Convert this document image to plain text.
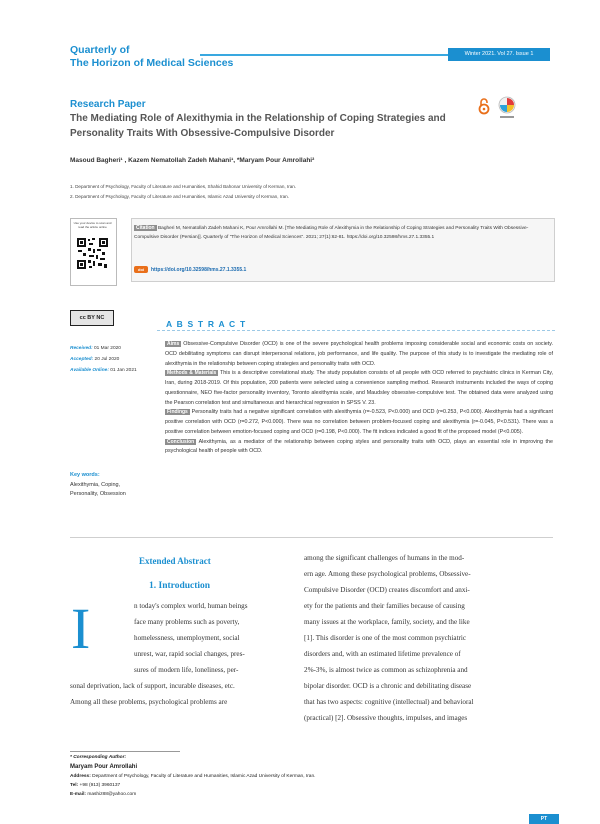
Quarterly of
The Horizon of Medical Sciences
Winter 2021. Vol 27. Issue 1
Research Paper
The Mediating Role of Alexithymia in the Relationship of Coping Strategies and
Personality Traits With Obsessive-Compulsive Disorder
Masoud Bagheri¹ , Kazem Nematollah Zadeh Mahani¹, *Maryam Pour Amrollahi²
1. Department of Psychology, Faculty of Literature and Humanities, Shahid Bahonar University of Kerman, Iran.
2. Department of Psychology, Faculty of Literature and Humanities, Islamic Azad University of Kerman, Iran.
Use your device to scan and read the article online	Citation Bagheri M, Nematollah Zadeh Mahani K, Pour Amrollahi M. [The Mediating Role of Alexithymia in the Relationship of Coping Strategies and Personality Traits With Obsessive-Compulsive Disorder (Persian)]. Quarterly of "The Horizon of Medical Sciences". 2021; 27(1):62-81. https://doi.org/10.32598/hms.27.1.3355.1
doi https://doi.org/10.32598/hms.27.1.3355.1
cc BY NC
A B S T R A C T
Received: 01 Mar 2020
Accepted: 20 Jul 2020
Available Online: 01 Jan 2021
Aims Obsessive-Compulsive Disorder (OCD) is one of the severe psychological health problems imposing considerable social and economic costs on society. OCD debilitating symptoms can disrupt interpersonal relations, job performance, and life quality. The purpose of this study is to investigate the mediating role of alexithymia in the relationship between coping strategies and personality traits with OCD.
Methods & Materials This is a descriptive correlational study. The study population consists of all people with OCD referred to psychiatric clinics in Kerman City, Iran, during 2018-2019. Of this population, 200 patients were selected using a convenience sampling method. Research instruments included the ways of coping questionnaire, NEO five-factor personality inventory, Toronto alexithymia scale, and Maudsley obsessive-compulsive test. The obtained data were analyzed using the Pearson correlation test and simultaneous and hierarchical regression in SPSS V. 23.
Findings Personality traits had a negative significant correlation with alexithymia (r=-0.523, P<0.000) and OCD (r=0.253, P<0.000). Alexithymia had a significant positive correlation with OCD (r=0.272, P<0.000). There was no correlation between problem-focused coping and alexithymia (r=-0.045, P<0.531). There was a positive correlation between emotion-focused coping and OCD (r=0.198, P<0.000). The fit indices indicated a good fit of the proposed model (P<0.005).
Conclusion Alexithymia, as a mediator of the relationship between coping styles and personality traits with OCD, plays an essential role in improving the psychological health of people with OCD.
Key words:
Alexithymia, Coping,
Personality, Obsession
Extended Abstract
1. Introduction
I	n today's complex world, human beings
face many problems such as poverty,
homelessness, unemployment, social
unrest, war, rapid social changes, pres-
sures of modern life, loneliness, per-
sonal deprivation, lack of support, incurable diseases, etc.
Among all these problems, psychological problems are
among the significant challenges of humans in the mod-
ern age. Among these psychological problems, Obsessive-
Compulsive Disorder (OCD) creates discomfort and anxi-
ety for the patients and their families because of causing
many issues at the workplace, family, society, and the like
[1]. This disorder is one of the most common psychiatric
disorders and, with an estimated lifetime prevalence of
2%-3%, is almost twice as common as schizophrenia and
bipolar disorder. OCD is a chronic and debilitating disease
that has two aspects: cognitive (intellectual) and behavioral
(practical) [2]. Obsessive thoughts, impulses, and images
* Corresponding Author:
Maryam Pour Amrollahi
Address: Department of Psychology, Faculty of Literature and Humanities, Islamic Azad University of Kerman, Iran.
Tel: +98 (913) 3960137
E-mail: mashiz88@yahoo.com
PT
